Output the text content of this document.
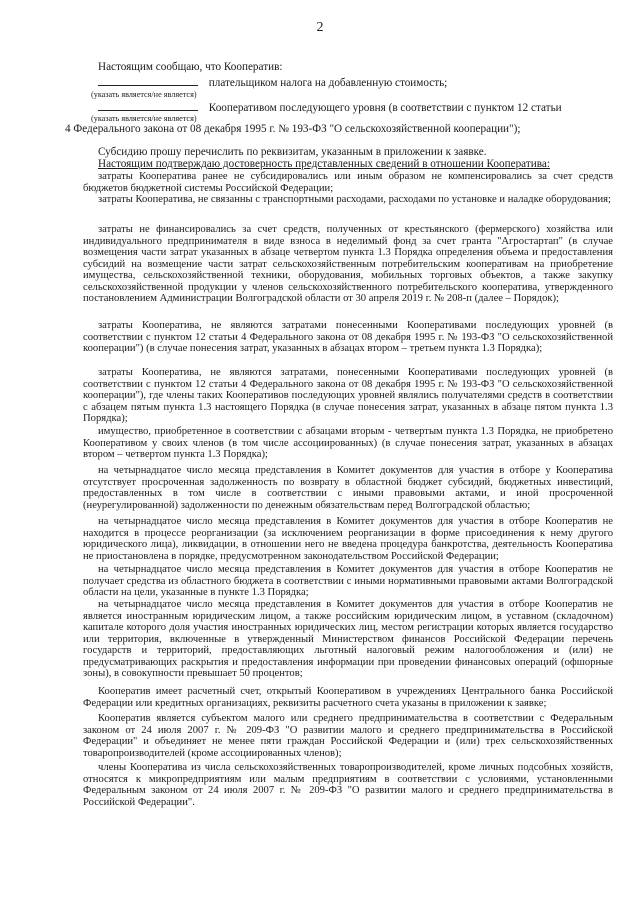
2
Настоящим сообщаю, что Кооператив:
плательщиком налога на добавленную стоимость;
(указать является/не является)
Кооперативом последующего уровня (в соответствии с пунктом 12 статьи
(указать является/не является)
4 Федерального закона от 08 декабря 1995 г. № 193-ФЗ "О сельскохозяйственной кооперации");
Субсидию прошу перечислить по реквизитам, указанным в приложении к заявке.
Настоящим подтверждаю достоверность представленных сведений в отношении Кооператива:

затраты Кооператива ранее не субсидировались или иным образом не компенсировались за счет средств бюджетов бюджетной системы Российской Федерации;

затраты Кооператива, не связанны с транспортными расходами, расходами по установке и наладке оборудования;

затраты не финансировались за счет средств, полученных от крестьянского (фермерского) хозяйства или индивидуального предпринимателя в виде взноса в неделимый фонд за счет гранта "Агростартап" (в случае возмещения части затрат указанных в абзаце четвертом пункта 1.3 Порядка определения объема и предоставления субсидий на возмещение части затрат сельскохозяйственным потребительским кооперативам на приобретение имущества, сельскохозяйственной техники, оборудования, мобильных торговых объектов, а также закупку сельскохозяйственной продукции у членов сельскохозяйственного потребительского кооператива, утвержденного постановлением Администрации Волгоградской области от 30 апреля 2019 г. № 208-п (далее – Порядок);

затраты Кооператива, не являются затратами понесенными Кооперативами последующих уровней (в соответствии с пунктом 12 статьи 4 Федерального закона от 08 декабря 1995 г. № 193-ФЗ "О сельскохозяйственной кооперации") (в случае понесения затрат, указанных в абзацах втором – третьем пункта 1.3 Порядка);

затраты Кооператива, не являются затратами, понесенными Кооперативами последующих уровней (в соответствии с пунктом 12 статьи 4 Федерального закона от 08 декабря 1995 г. № 193-ФЗ "О сельскохозяйственной кооперации"), где члены таких Кооперативов последующих уровней являлись получателями средств в соответствии с абзацем пятым пункта 1.3 настоящего Порядка (в случае понесения затрат, указанных в абзаце пятом пункта 1.3 Порядка);

имущество, приобретенное в соответствии с абзацами вторым - четвертым пункта 1.3 Порядка, не приобретено Кооперативом у своих членов (в том числе ассоциированных) (в случае понесения затрат, указанных в абзацах втором – четвертом пункта 1.3 Порядка);

на четырнадцатое число месяца представления в Комитет документов для участия в отборе у Кооператива отсутствует просроченная задолженность по возврату в областной бюджет субсидий, бюджетных инвестиций, предоставленных в том числе в соответствии с иными правовыми актами, и иной просроченной (неурегулированной) задолженности по денежным обязательствам перед Волгоградской областью;

на четырнадцатое число месяца представления в Комитет документов для участия в отборе Кооператив не находится в процессе реорганизации (за исключением реорганизации в форме присоединения к нему другого юридического лица), ликвидации, в отношении него не введена процедура банкротства, деятельность Кооператива не приостановлена в порядке, предусмотренном законодательством Российской Федерации;

на четырнадцатое число месяца представления в Комитет документов для участия в отборе Кооператив не получает средства из областного бюджета в соответствии с иными нормативными правовыми актами Волгоградской области на цели, указанные в пункте 1.3 Порядка;

на четырнадцатое число месяца представления в Комитет документов для участия в отборе Кооператив не является иностранным юридическим лицом, а также российским юридическим лицом, в уставном (складочном) капитале которого доля участия иностранных юридических лиц, местом регистрации которых является государство или территория, включенные в утвержденный Министерством финансов Российской Федерации перечень государств и территорий, предоставляющих льготный налоговый режим налогообложения и (или) не предусматривающих раскрытия и предоставления информации при проведении финансовых операций (офшорные зоны), в совокупности превышает 50 процентов;

Кооператив имеет расчетный счет, открытый Кооперативом в учреждениях Центрального банка Российской Федерации или кредитных организациях, реквизиты расчетного счета указаны в приложении к заявке;

Кооператив является субъектом малого или среднего предпринимательства в соответствии с Федеральным законом от 24 июля 2007 г. № 209-ФЗ "О развитии малого и среднего предпринимательства в Российской Федерации" и объединяет не менее пяти граждан Российской Федерации и (или) трех сельскохозяйственных товаропроизводителей (кроме ассоциированных членов);

члены Кооператива из числа сельскохозяйственных товаропроизводителей, кроме личных подсобных хозяйств, относятся к микропредприятиям или малым предприятиям в соответствии с условиями, установленными Федеральным законом от 24 июля 2007 г. № 209-ФЗ "О развитии малого и среднего предпринимательства в Российской Федерации".
